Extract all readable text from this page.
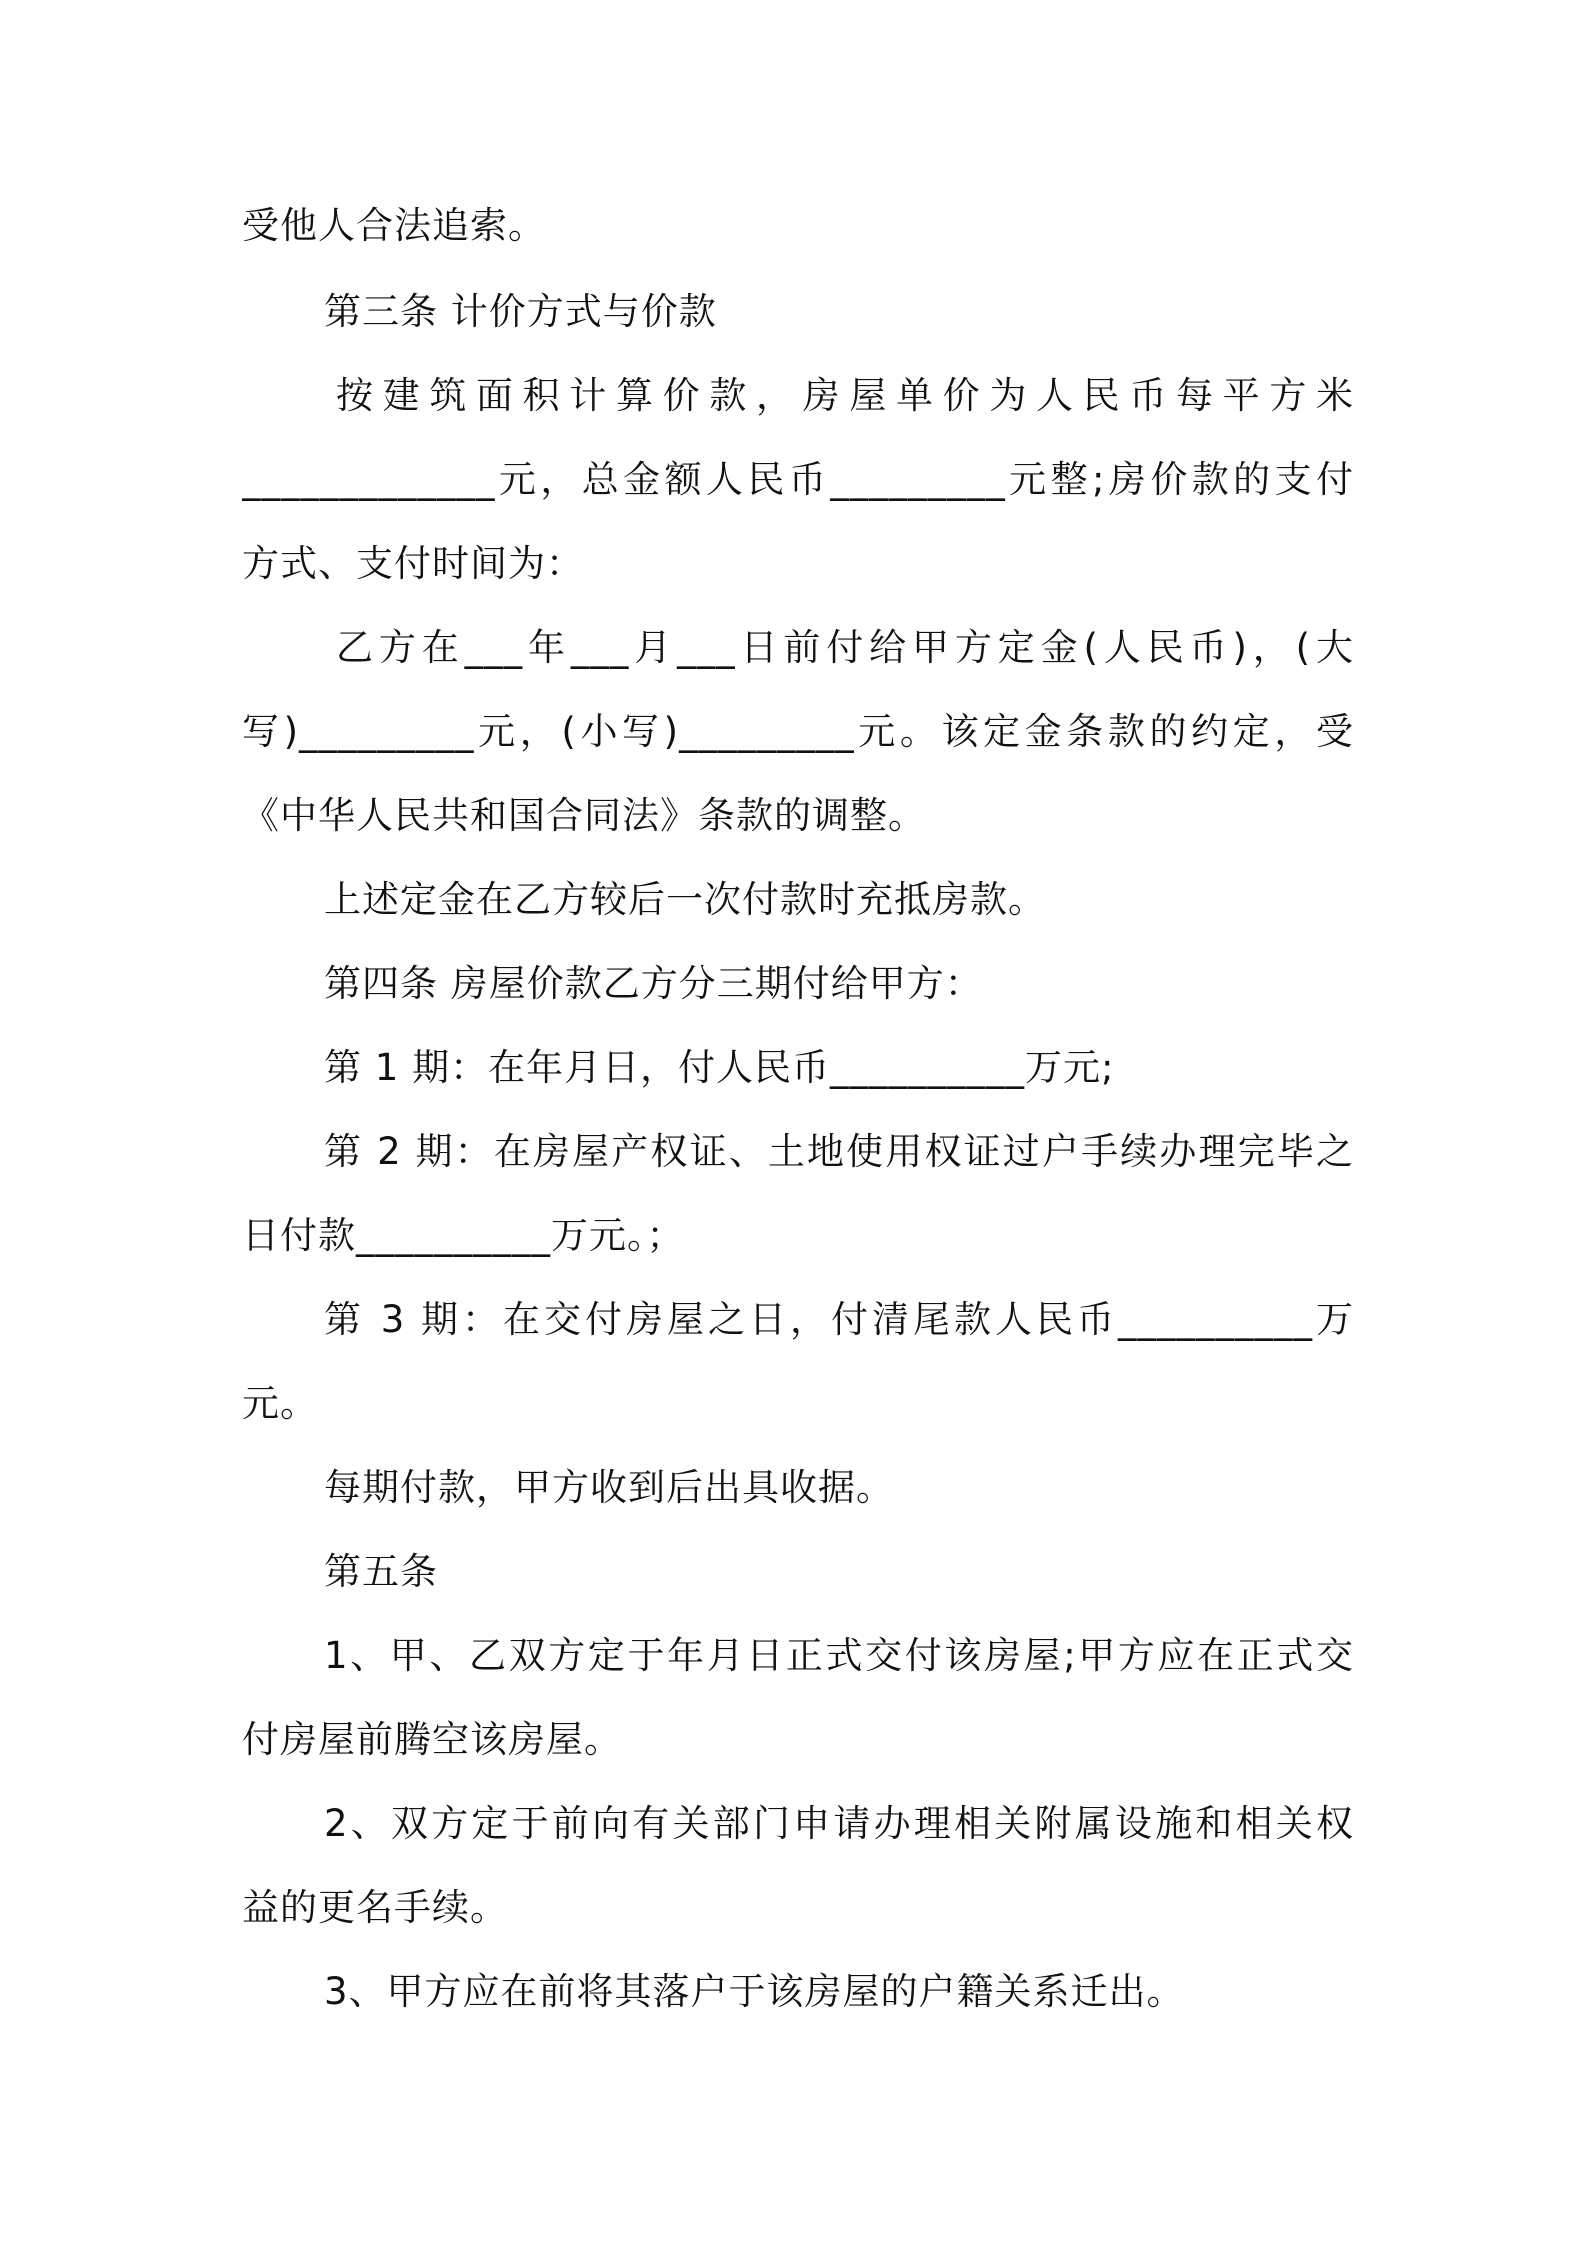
受他人合法追索。
第三条 计价方式与价款
按建筑面积计算价款，房屋单价为人民币每平方米
_____________元，总金额人民币_________元整;房价款的支付
方式、支付时间为：
乙方在___年___月___日前付给甲方定金(人民币)，(大
写)_________元，(小写)_________元。该定金条款的约定，受
《中华人民共和国合同法》条款的调整。
上述定金在乙方较后一次付款时充抵房款。
第四条 房屋价款乙方分三期付给甲方：
第 1 期：在年月日，付人民币__________万元;
第 2 期：在房屋产权证、土地使用权证过户手续办理完毕之
日付款__________万元。；
第 3 期：在交付房屋之日，付清尾款人民币__________万
元。
每期付款，甲方收到后出具收据。
第五条
1、甲、乙双方定于年月日正式交付该房屋;甲方应在正式交
付房屋前腾空该房屋。
2、双方定于前向有关部门申请办理相关附属设施和相关权
益的更名手续。
3、甲方应在前将其落户于该房屋的户籍关系迁出。
